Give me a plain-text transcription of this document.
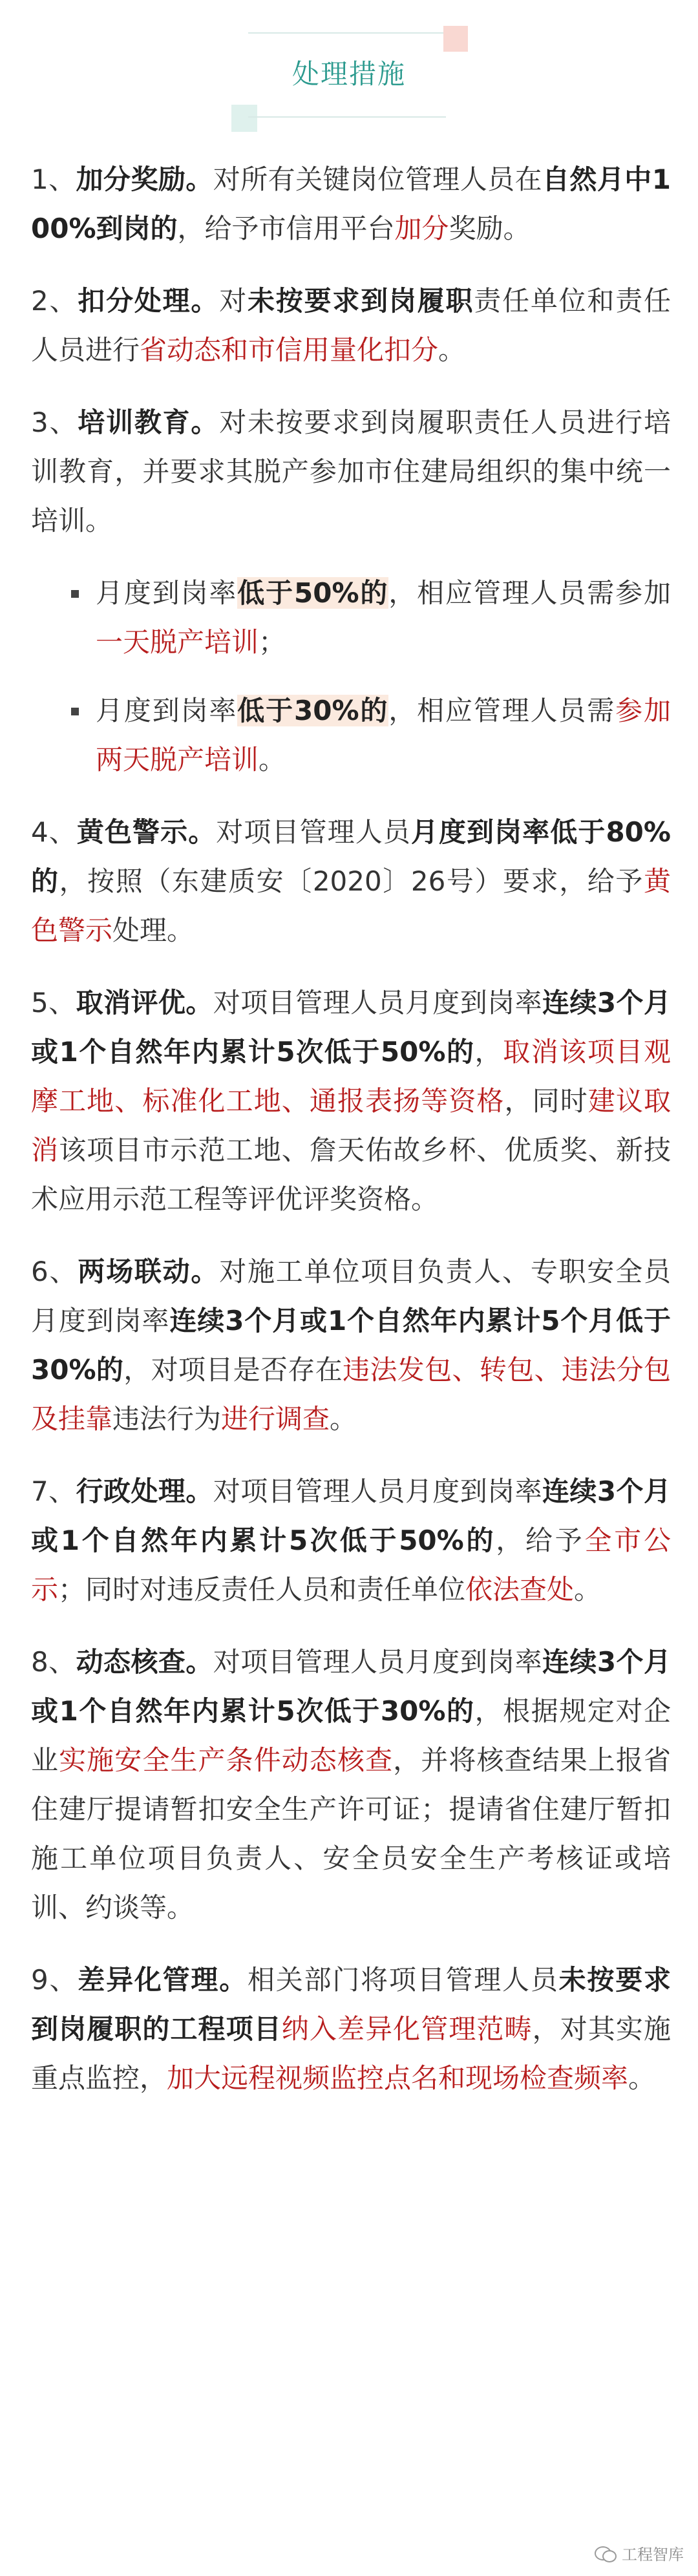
处理措施

1、加分奖励。对所有关键岗位管理人员在自然月中100%到岗的，给予市信用平台加分奖励。

2、扣分处理。对未按要求到岗履职责任单位和责任人员进行省动态和市信用量化扣分。

3、培训教育。对未按要求到岗履职责任人员进行培训教育，并要求其脱产参加市住建局组织的集中统一培训。

月度到岗率低于50%的，相应管理人员需参加一天脱产培训；
月度到岗率低于30%的，相应管理人员需参加两天脱产培训。

4、黄色警示。对项目管理人员月度到岗率低于80%的，按照（东建质安〔2020〕26号）要求，给予黄色警示处理。

5、取消评优。对项目管理人员月度到岗率连续3个月或1个自然年内累计5次低于50%的，取消该项目观摩工地、标准化工地、通报表扬等资格，同时建议取消该项目市示范工地、詹天佑故乡杯、优质奖、新技术应用示范工程等评优评奖资格。

6、两场联动。对施工单位项目负责人、专职安全员月度到岗率连续3个月或1个自然年内累计5个月低于30%的，对项目是否存在违法发包、转包、违法分包及挂靠违法行为进行调查。

7、行政处理。对项目管理人员月度到岗率连续3个月或1个自然年内累计5次低于50%的，给予全市公示；同时对违反责任人员和责任单位依法查处。

8、动态核查。对项目管理人员月度到岗率连续3个月或1个自然年内累计5次低于30%的，根据规定对企业实施安全生产条件动态核查，并将核查结果上报省住建厅提请暂扣安全生产许可证；提请省住建厅暂扣施工单位项目负责人、安全员安全生产考核证或培训、约谈等。

9、差异化管理。相关部门将项目管理人员未按要求到岗履职的工程项目纳入差异化管理范畴，对其实施重点监控，加大远程视频监控点名和现场检查频率。

工程智库
